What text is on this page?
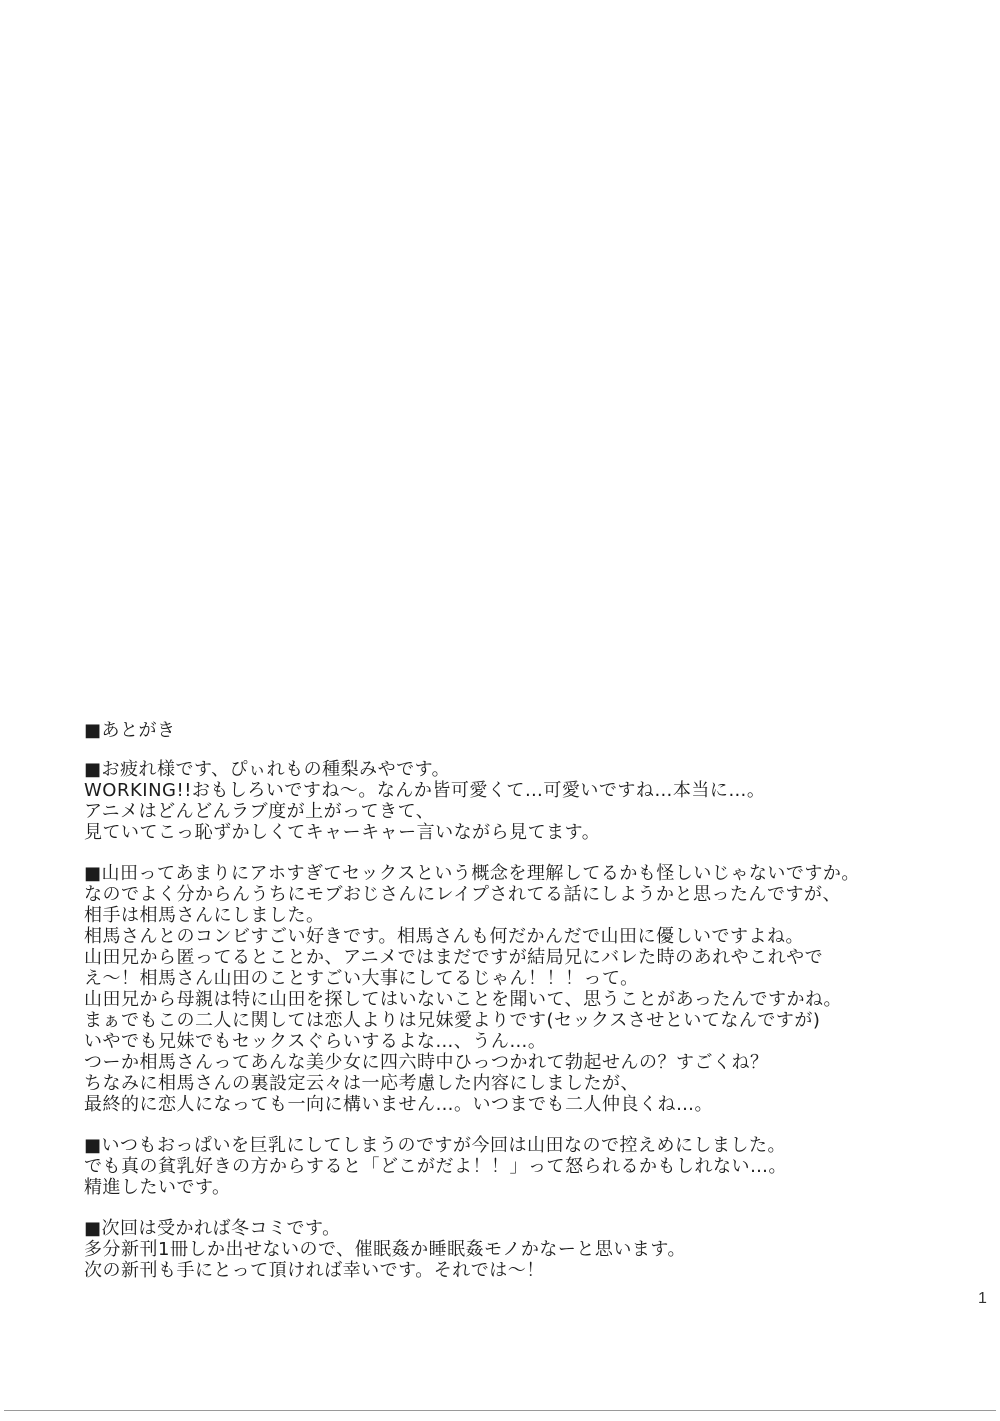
■あとがき
■お疲れ様です、ぴぃれもの種梨みやです。
WORKING!!おもしろいですね～。なんか皆可愛くて…可愛いですね…本当に…。
アニメはどんどんラブ度が上がってきて、
見ていてこっ恥ずかしくてキャーキャー言いながら見てます。
■山田ってあまりにアホすぎてセックスという概念を理解してるかも怪しいじゃないですか。
なのでよく分からんうちにモブおじさんにレイプされてる話にしようかと思ったんですが、
相手は相馬さんにしました。
相馬さんとのコンビすごい好きです。相馬さんも何だかんだで山田に優しいですよね。
山田兄から匿ってるとことか、アニメではまだですが結局兄にバレた時のあれやこれやで
え～！相馬さん山田のことすごい大事にしてるじゃん！！！って。
山田兄から母親は特に山田を探してはいないことを聞いて、思うことがあったんですかね。
まぁでもこの二人に関しては恋人よりは兄妹愛よりです(セックスさせといてなんですが)
いやでも兄妹でもセックスぐらいするよな…、うん…。
つーか相馬さんってあんな美少女に四六時中ひっつかれて勃起せんの？すごくね？
ちなみに相馬さんの裏設定云々は一応考慮した内容にしましたが、
最終的に恋人になっても一向に構いません…。いつまでも二人仲良くね…。
■いつもおっぱいを巨乳にしてしまうのですが今回は山田なので控えめにしました。
でも真の貧乳好きの方からすると「どこがだよ！！」って怒られるかもしれない…。
精進したいです。
■次回は受かれば冬コミです。
多分新刊1冊しか出せないので、催眠姦か睡眠姦モノかなーと思います。
次の新刊も手にとって頂ければ幸いです。それでは～！
1
